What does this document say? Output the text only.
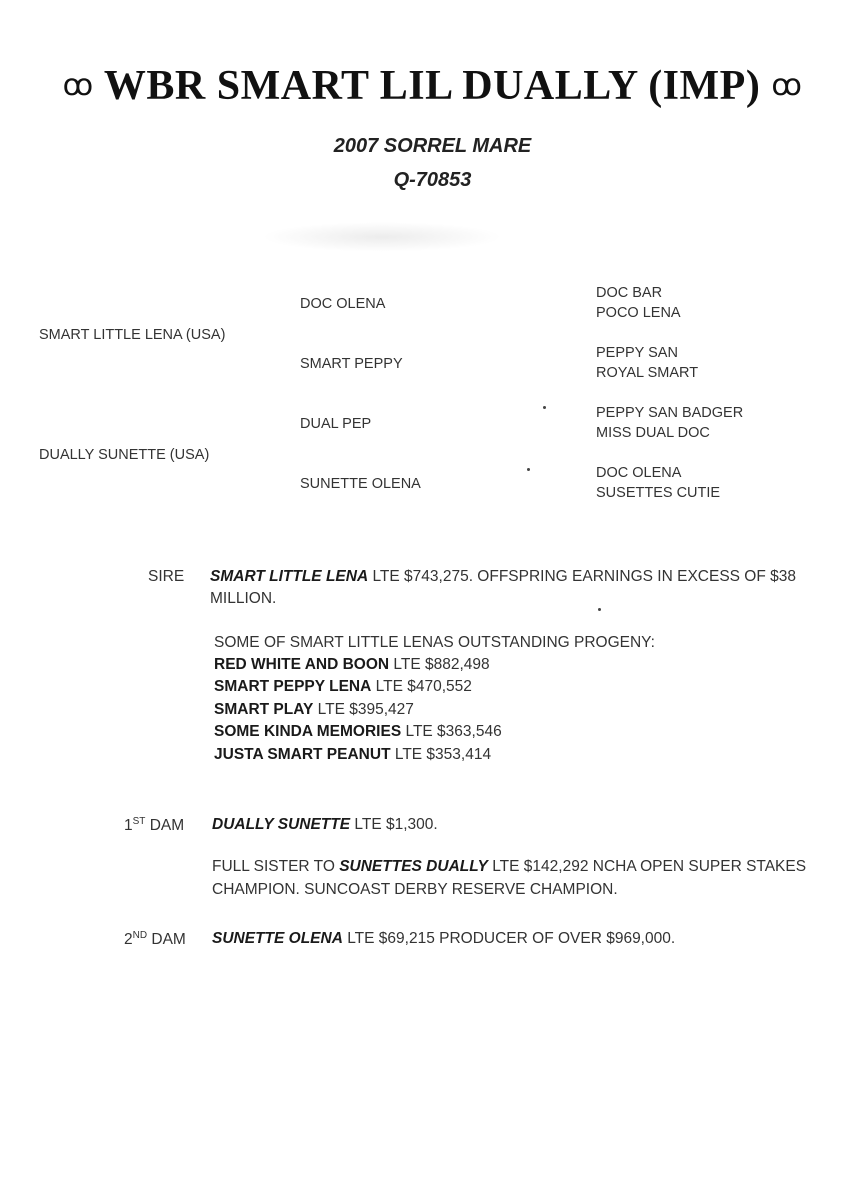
ꝏ WBR SMART LIL DUALLY (IMP) ꝏ
2007 SORREL MARE
Q-70853
SMART LITTLE LENA (USA)
DUALLY SUNETTE (USA)
DOC OLENA
SMART PEPPY
DUAL PEP
SUNETTE OLENA
DOC BAR
POCO LENA
PEPPY SAN
ROYAL SMART
PEPPY SAN BADGER
MISS DUAL DOC
DOC OLENA
SUSETTES CUTIE
SIRE SMART LITTLE LENA LTE $743,275. OFFSPRING EARNINGS IN EXCESS OF $38
MILLION.
SOME OF SMART LITTLE LENAS OUTSTANDING PROGENY:
RED WHITE AND BOON LTE $882,498
SMART PEPPY LENA LTE $470,552
SMART PLAY LTE $395,427
SOME KINDA MEMORIES LTE $363,546
JUSTA SMART PEANUT LTE $353,414
1ST DAM DUALLY SUNETTE LTE $1,300.
FULL SISTER TO SUNETTES DUALLY LTE $142,292 NCHA OPEN SUPER STAKES
CHAMPION. SUNCOAST DERBY RESERVE CHAMPION.
2ND DAM SUNETTE OLENA LTE $69,215 PRODUCER OF OVER $969,000.
